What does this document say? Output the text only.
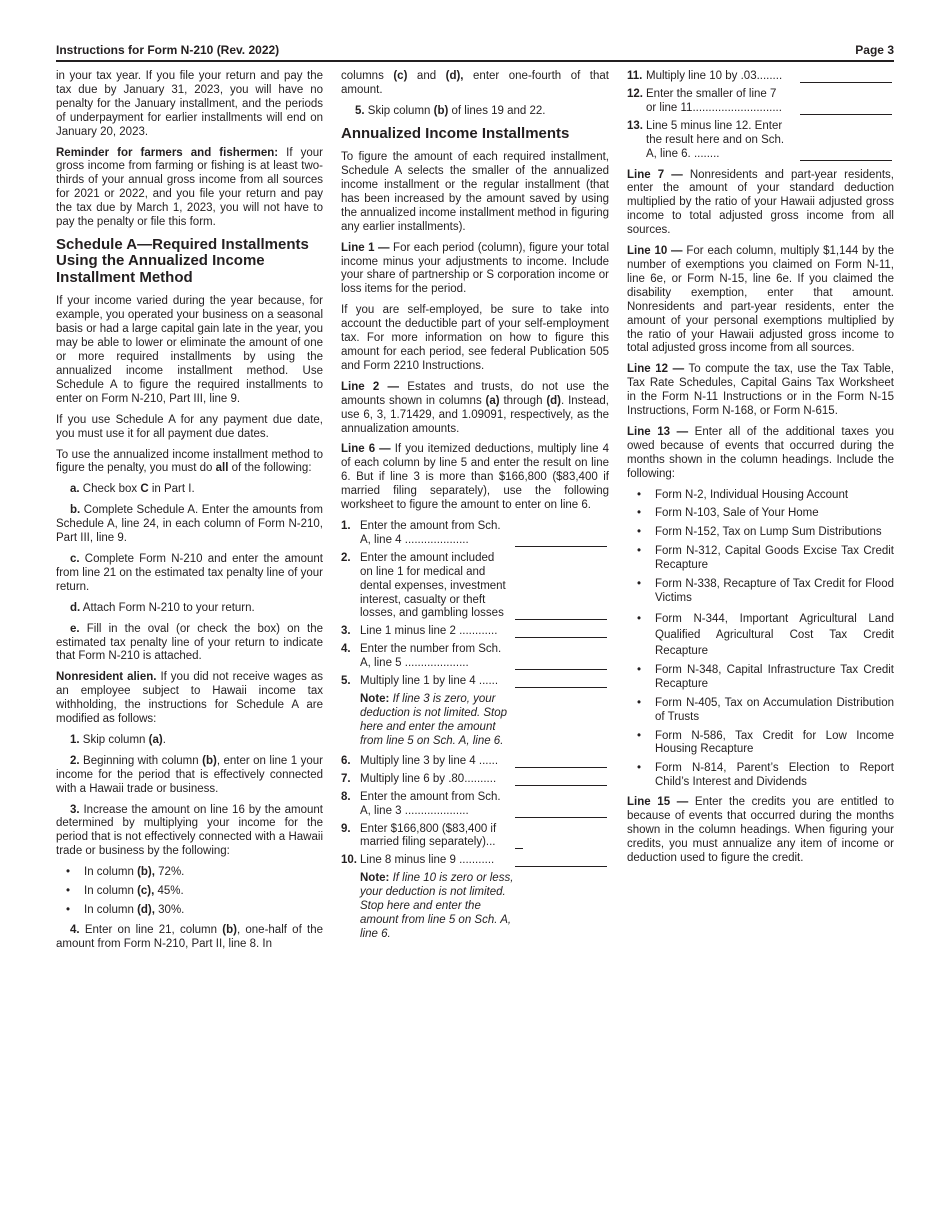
Instructions for Form N-210 (Rev. 2022)	Page 3

in your tax year. If you file your return and pay the tax due by January 31, 2023, you will have no penalty for the January installment, and the periods of underpayment for earlier installments will end on January 20, 2023.

Reminder for farmers and fishermen: If your gross income from farming or fishing is at least two-thirds of your annual gross income from all sources for 2021 or 2022, and you file your return and pay the tax due by March 1, 2023, you will not have to pay the penalty or file this form.

Schedule A—Required Installments Using the Annualized Income Installment Method

If your income varied during the year because, for example, you operated your business on a seasonal basis or had a large capital gain late in the year, you may be able to lower or eliminate the amount of one or more required installments by using the annualized income installment method. Use Schedule A to figure the required installments to enter on Form N-210, Part III, line 9.

If you use Schedule A for any payment due date, you must use it for all payment due dates.

To use the annualized income installment method to figure the penalty, you must do all of the following:

a. Check box C in Part I.

b. Complete Schedule A. Enter the amounts from Schedule A, line 24, in each column of Form N-210, Part III, line 9.

c. Complete Form N-210 and enter the amount from line 21 on the estimated tax penalty line of your return.

d. Attach Form N-210 to your return.

e. Fill in the oval (or check the box) on the estimated tax penalty line of your return to indicate that Form N-210 is attached.

Nonresident alien. If you did not receive wages as an employee subject to Hawaii income tax withholding, the instructions for Schedule A are modified as follows:

1. Skip column (a).

2. Beginning with column (b), enter on line 1 your income for the period that is effectively connected with a Hawaii trade or business.

3. Increase the amount on line 16 by the amount determined by multiplying your income for the period that is not effectively connected with a Hawaii trade or business by the following:

• In column (b), 72%.
• In column (c), 45%.
• In column (d), 30%.

4. Enter on line 21, column (b), one-half of the amount from Form N-210, Part II, line 8. In

columns (c) and (d), enter one-fourth of that amount.

5. Skip column (b) of lines 19 and 22.

Annualized Income Installments

To figure the amount of each required installment, Schedule A selects the smaller of the annualized income installment or the regular installment (that has been increased by the amount saved by using the annualized income installment method in figuring any earlier installments).

Line 1 — For each period (column), figure your total income minus your adjustments to income. Include your share of partnership or S corporation income or loss items for the period.

If you are self-employed, be sure to take into account the deductible part of your self-employment tax. For more information on how to figure this amount for each period, see federal Publication 505 and Form 2210 Instructions.

Line 2 — Estates and trusts, do not use the amounts shown in columns (a) through (d). Instead, use 6, 3, 1.71429, and 1.09091, respectively, as the annualization amounts.

Line 6 — If you itemized deductions, multiply line 4 of each column by line 5 and enter the result on line 6. But if line 3 is more than $166,800 ($83,400 if married filing separately), use the following worksheet to figure the amount to enter on line 6.

1. Enter the amount from Sch. A, line 4 ....................
2. Enter the amount included on line 1 for medical and dental expenses, investment interest, casualty or theft losses, and gambling losses
3. Line 1 minus line 2 ............
4. Enter the number from Sch. A, line 5 ....................
5. Multiply line 1 by line 4 ......
Note: If line 3 is zero, your deduction is not limited. Stop here and enter the amount from line 5 on Sch. A, line 6.
6. Multiply line 3 by line 4 ......
7. Multiply line 6 by .80..........
8. Enter the amount from Sch. A, line 3 ....................
9. Enter $166,800 ($83,400 if married filing separately)...
10. Line 8 minus line 9 ...........
Note: If line 10 is zero or less, your deduction is not limited. Stop here and enter the amount from line 5 on Sch. A, line 6.
11. Multiply line 10 by .03........
12. Enter the smaller of line 7 or line 11............................
13. Line 5 minus line 12. Enter the result here and on Sch. A, line 6. ........

Line 7 — Nonresidents and part-year residents, enter the amount of your standard deduction multiplied by the ratio of your Hawaii adjusted gross income to total adjusted gross income from all sources.

Line 10 — For each column, multiply $1,144 by the number of exemptions you claimed on Form N-11, line 6e, or Form N-15, line 6e. If you claimed the disability exemption, enter that amount. Nonresidents and part-year residents, enter the amount of your personal exemptions multiplied by the ratio of your Hawaii adjusted gross income to total adjusted gross income from all sources.

Line 12 — To compute the tax, use the Tax Table, Tax Rate Schedules, Capital Gains Tax Worksheet in the Form N-11 Instructions or in the Form N-15 Instructions, Form N-168, or Form N-615.

Line 13 — Enter all of the additional taxes you owed because of events that occurred during the months shown in the column headings. Include the following:

• Form N-2, Individual Housing Account
• Form N-103, Sale of Your Home
• Form N-152, Tax on Lump Sum Distributions
• Form N-312, Capital Goods Excise Tax Credit Recapture
• Form N-338, Recapture of Tax Credit for Flood Victims
• Form N-344, Important Agricultural Land Qualified Agricultural Cost Tax Credit Recapture
• Form N-348, Capital Infrastructure Tax Credit Recapture
• Form N-405, Tax on Accumulation Distribution of Trusts
• Form N-586, Tax Credit for Low Income Housing Recapture
• Form N-814, Parent’s Election to Report Child’s Interest and Dividends

Line 15 — Enter the credits you are entitled to because of events that occurred during the months shown in the column headings. When figuring your credits, you must annualize any item of income or deduction used to figure the credit.
